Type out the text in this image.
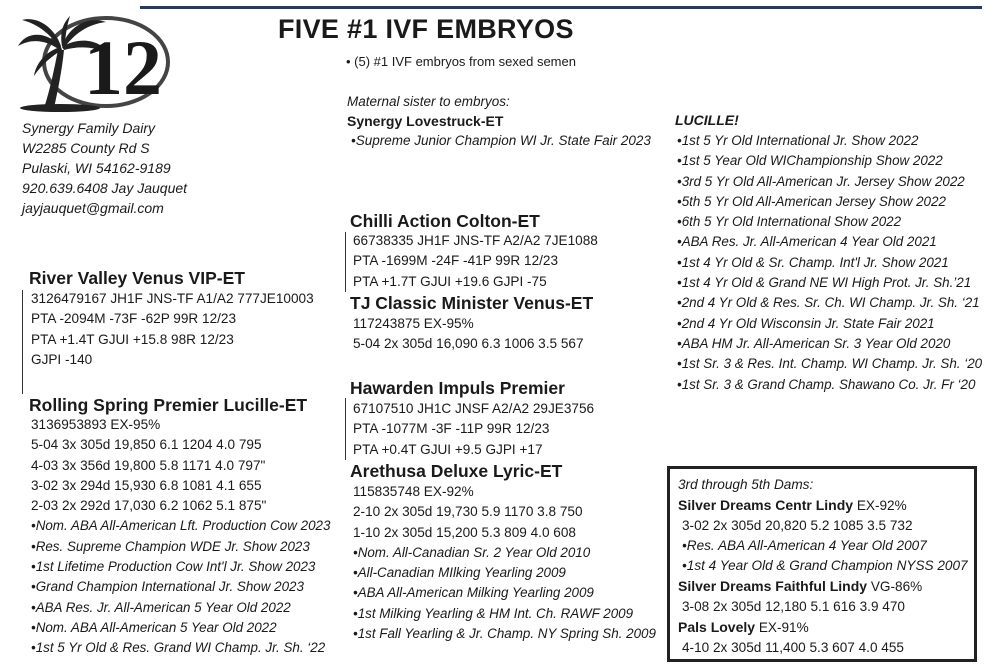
12	FIVE #1 IVF EMBRYOS
• (5) #1 IVF embryos from sexed semen
Maternal sister to embryos:
Synergy Lovestruck-ET
•Supreme Junior Champion WI Jr. State Fair 2023
Synergy Family Dairy
W2285 County Rd S
Pulaski, WI 54162-9189
920.639.6408 Jay Jauquet
jayjauquet@gmail.com
River Valley Venus VIP-ET
3126479167 JH1F JNS-TF A1/A2 777JE10003
PTA -2094M -73F -62P 99R 12/23
PTA +1.4T GJUI +15.8 98R 12/23
GJPI -140
Rolling Spring Premier Lucille-ET
3136953893 EX-95%
5-04 3x 305d 19,850 6.1 1204 4.0 795
4-03 3x 356d 19,800 5.8 1171 4.0 797"
3-02 3x 294d 15,930 6.8 1081 4.1 655
2-03 2x 292d 17,030 6.2 1062 5.1 875"
•Nom. ABA All-American Lft. Production Cow 2023
•Res. Supreme Champion WDE Jr. Show 2023
•1st Lifetime Production Cow Int'l Jr. Show 2023
•Grand Champion International Jr. Show 2023
•ABA Res. Jr. All-American 5 Year Old 2022
•Nom. ABA All-American 5 Year Old 2022
•1st 5 Yr Old & Res. Grand WI Champ. Jr. Sh. ‘22
Chilli Action Colton-ET
66738335 JH1F JNS-TF A2/A2 7JE1088
PTA -1699M -24F -41P 99R 12/23
PTA +1.7T GJUI +19.6 GJPI -75
TJ Classic Minister Venus-ET
117243875 EX-95%
5-04 2x 305d 16,090 6.3 1006 3.5 567
Hawarden Impuls Premier
67107510 JH1C JNSF A2/A2 29JE3756
PTA -1077M -3F -11P 99R 12/23
PTA +0.4T GJUI +9.5 GJPI +17
Arethusa Deluxe Lyric-ET
115835748 EX-92%
2-10 2x 305d 19,730 5.9 1170 3.8 750
1-10 2x 305d 15,200 5.3 809 4.0 608
•Nom. All-Canadian Sr. 2 Year Old 2010
•All-Canadian MIlking Yearling 2009
•ABA All-American Milking Yearling 2009
•1st Milking Yearling & HM Int. Ch. RAWF 2009
•1st Fall Yearling & Jr. Champ. NY Spring Sh. 2009
LUCILLE!
•1st 5 Yr Old International Jr. Show 2022
•1st 5 Year Old WIChampionship Show 2022
•3rd 5 Yr Old All-American Jr. Jersey Show 2022
•5th 5 Yr Old All-American Jersey Show 2022
•6th 5 Yr Old International Show 2022
•ABA Res. Jr. All-American 4 Year Old 2021
•1st 4 Yr Old & Sr. Champ. Int'l Jr. Show 2021
•1st 4 Yr Old & Grand NE WI High Prot. Jr. Sh.’21
•2nd 4 Yr Old & Res. Sr. Ch. WI Champ. Jr. Sh. ‘21
•2nd 4 Yr Old Wisconsin Jr. State Fair 2021
•ABA HM Jr. All-American Sr. 3 Year Old 2020
•1st Sr. 3 & Res. Int. Champ. WI Champ. Jr. Sh. ‘20
•1st Sr. 3 & Grand Champ. Shawano Co. Jr. Fr ‘20
3rd through 5th Dams:
Silver Dreams Centr Lindy EX-92%
3-02 2x 305d 20,820 5.2 1085 3.5 732
•Res. ABA All-American 4 Year Old 2007
•1st 4 Year Old & Grand Champion NYSS 2007
Silver Dreams Faithful Lindy VG-86%
3-08 2x 305d 12,180 5.1 616 3.9 470
Pals Lovely EX-91%
4-10 2x 305d 11,400 5.3 607 4.0 455
